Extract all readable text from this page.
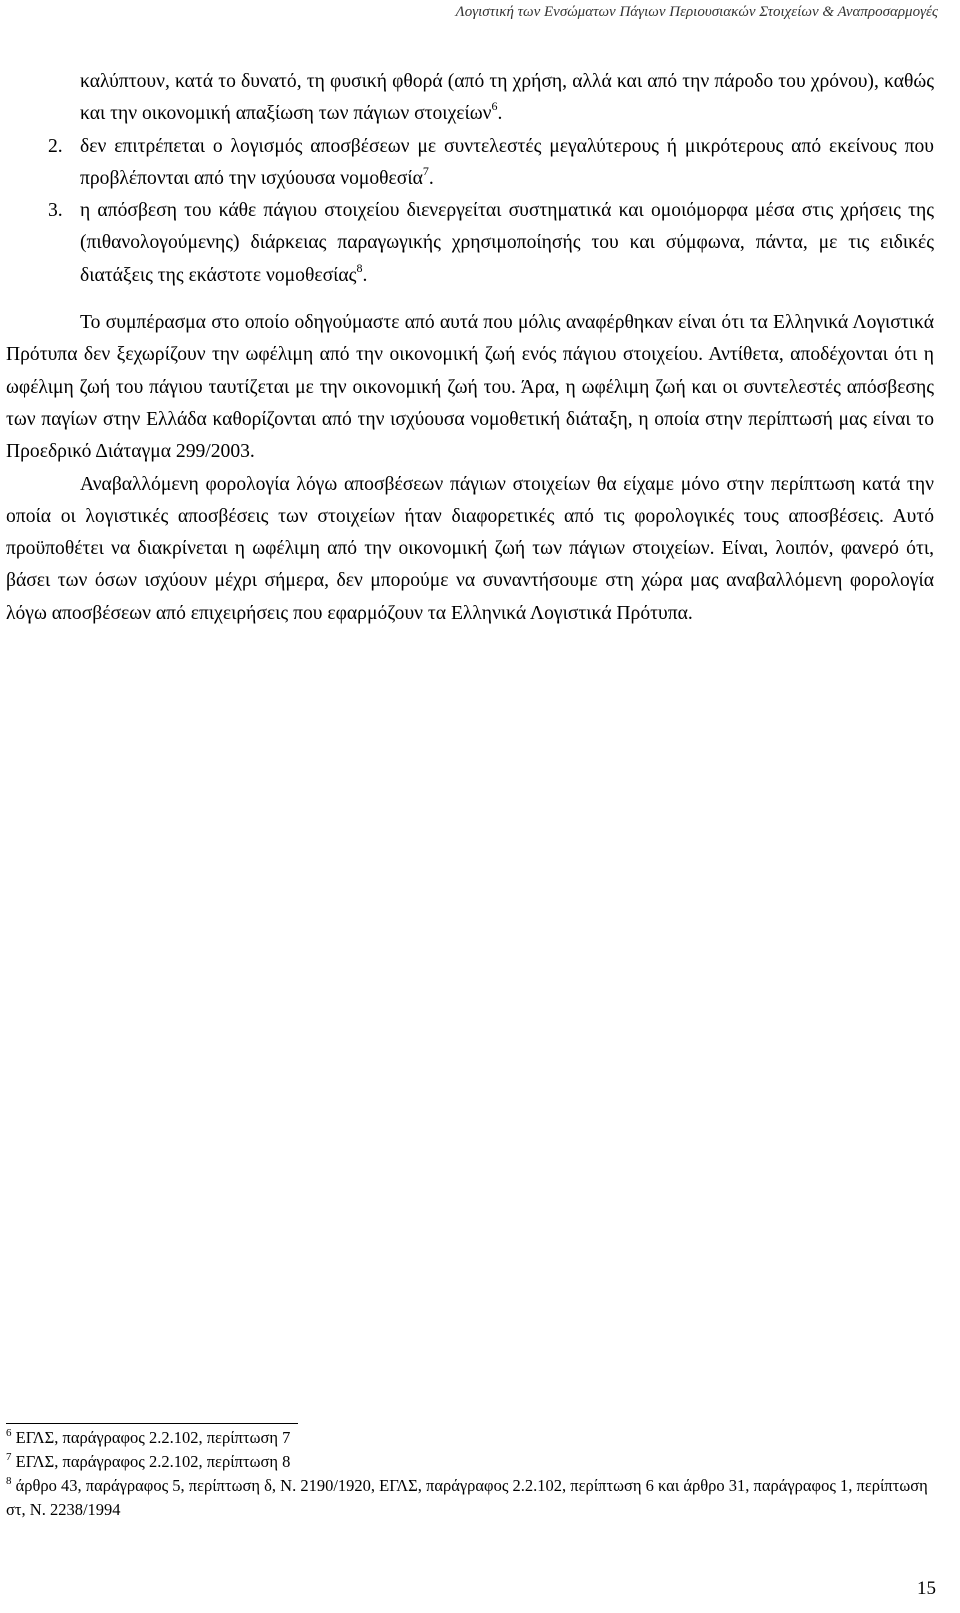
Λογιστική των Ενσώματων Πάγιων Περιουσιακών Στοιχείων & Αναπροσαρμογές
καλύπτουν, κατά το δυνατό, τη φυσική φθορά (από τη χρήση, αλλά και από την πάροδο του χρόνου), καθώς και την οικονομική απαξίωση των πάγιων στοιχείων$^6$.
2. δεν επιτρέπεται ο λογισμός αποσβέσεων με συντελεστές μεγαλύτερους ή μικρότερους από εκείνους που προβλέπονται από την ισχύουσα νομοθεσία$^7$.
3. η απόσβεση του κάθε πάγιου στοιχείου διενεργείται συστηματικά και ομοιόμορφα μέσα στις χρήσεις της (πιθανολογούμενης) διάρκειας παραγωγικής χρησιμοποίησής του και σύμφωνα, πάντα, με τις ειδικές διατάξεις της εκάστοτε νομοθεσίας$^8$.

Το συμπέρασμα στο οποίο οδηγούμαστε από αυτά που μόλις αναφέρθηκαν είναι ότι τα Ελληνικά Λογιστικά Πρότυπα δεν ξεχωρίζουν την ωφέλιμη από την οικονομική ζωή ενός πάγιου στοιχείου. Αντίθετα, αποδέχονται ότι η ωφέλιμη ζωή του πάγιου ταυτίζεται με την οικονομική ζωή του. Άρα, η ωφέλιμη ζωή και οι συντελεστές απόσβεσης των παγίων στην Ελλάδα καθορίζονται από την ισχύουσα νομοθετική διάταξη, η οποία στην περίπτωσή μας είναι το Προεδρικό Διάταγμα 299/2003.

Αναβαλλόμενη φορολογία λόγω αποσβέσεων πάγιων στοιχείων θα είχαμε μόνο στην περίπτωση κατά την οποία οι λογιστικές αποσβέσεις των στοιχείων ήταν διαφορετικές από τις φορολογικές τους αποσβέσεις. Αυτό προϋποθέτει να διακρίνεται η ωφέλιμη από την οικονομική ζωή των πάγιων στοιχείων. Είναι, λοιπόν, φανερό ότι, βάσει των όσων ισχύουν μέχρι σήμερα, δεν μπορούμε να συναντήσουμε στη χώρα μας αναβαλλόμενη φορολογία λόγω αποσβέσεων από επιχειρήσεις που εφαρμόζουν τα Ελληνικά Λογιστικά Πρότυπα.

$^6$ ΕΓΛΣ, παράγραφος 2.2.102, περίπτωση 7
$^7$ ΕΓΛΣ, παράγραφος 2.2.102, περίπτωση 8
$^8$ άρθρο 43, παράγραφος 5, περίπτωση δ, Ν. 2190/1920, ΕΓΛΣ, παράγραφος 2.2.102, περίπτωση 6 και άρθρο 31, παράγραφος 1, περίπτωση στ, Ν. 2238/1994
15
